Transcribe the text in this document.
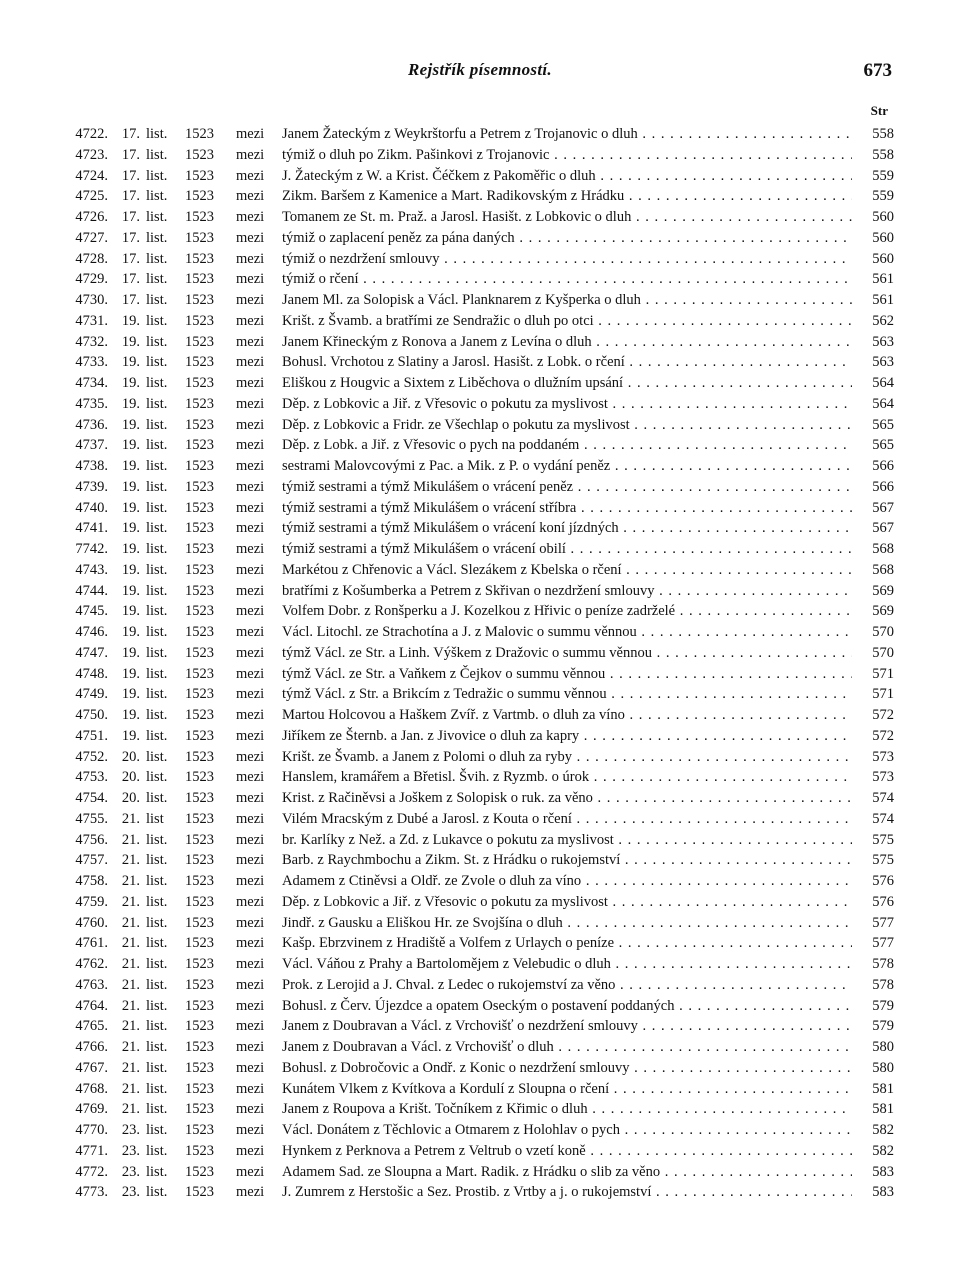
Rejstřík písemností.	673
Str
4722. 17. list. 1523 mezi Janem Žateckým z Weykrštorfu a Petrem z Trojanovic o dluh . . .	558
4723. 17. list. 1523 mezi týmiž o dluh po Zikm. Pašinkovi z Trojanovic . . .	558
4724. 17. list. 1523 mezi J. Žateckým z W. a Krist. Čéčkem z Pakoměřic o dluh . . .	559
4725. 17. list. 1523 mezi Zikm. Baršem z Kamenice a Mart. Radikovským z Hrádku . . .	559
4726. 17. list. 1523 mezi Tomanem ze St. m. Praž. a Jarosl. Hasišt. z Lobkovic o dluh . . .	560
4727. 17. list. 1523 mezi týmiž o zaplacení peněz za pána daných . . .	560
4728. 17. list. 1523 mezi týmiž o nezdržení smlouvy . . .	560
4729. 17. list. 1523 mezi týmiž o rčení . . .	561
4730. 17. list. 1523 mezi Janem Ml. za Solopisk a Václ. Planknarem z Kyšperka o dluh . . .	561
4731. 19. list. 1523 mezi Krišt. z Švamb. a bratřími ze Sendražic o dluh po otci . . .	562
4732. 19. list. 1523 mezi Janem Křineckým z Ronova a Janem z Levína o dluh . . .	563
4733. 19. list. 1523 mezi Bohusl. Vrchotou z Slatiny a Jarosl. Hasišt. z Lobk. o rčení . . .	563
4734. 19. list. 1523 mezi Eliškou z Hougvic a Sixtem z Liběchova o dlužním upsání . . .	564
4735. 19. list. 1523 mezi Děp. z Lobkovic a Jiř. z Vřesovic o pokutu za myslivost . . .	564
4736. 19. list. 1523 mezi Děp. z Lobkovic a Fridr. ze Všechlap o pokutu za myslivost . . .	565
4737. 19. list. 1523 mezi Děp. z Lobk. a Jiř. z Vřesovic o pych na poddaném . . .	565
4738. 19. list. 1523 mezi sestrami Malovcovými z Pac. a Mik. z P. o vydání peněz . . .	566
4739. 19. list. 1523 mezi týmiž sestrami a týmž Mikulášem o vrácení peněz . . .	566
4740. 19. list. 1523 mezi týmiž sestrami a týmž Mikulášem o vrácení stříbra . . .	567
4741. 19. list. 1523 mezi týmiž sestrami a týmž Mikulášem o vrácení koní jízdných . . .	567
7742. 19. list. 1523 mezi týmiž sestrami a týmž Mikulášem o vrácení obilí . . .	568
4743. 19. list. 1523 mezi Markétou z Chřenovic a Václ. Slezákem z Kbelska o rčení . . .	568
4744. 19. list. 1523 mezi bratřími z Košumberka a Petrem z Skřivan o nezdržení smlouvy . . .	569
4745. 19. list. 1523 mezi Volfem Dobr. z Ronšperku a J. Kozelkou z Hřivic o peníze zadrželé . . .	569
4746. 19. list. 1523 mezi Václ. Litochl. ze Strachotína a J. z Malovic o summu věnnou . . .	570
4747. 19. list. 1523 mezi týmž Václ. ze Str. a Linh. Výškem z Dražovic o summu věnnou . . .	570
4748. 19. list. 1523 mezi týmž Václ. ze Str. a Vaňkem z Čejkov o summu věnnou . . .	571
4749. 19. list. 1523 mezi týmž Václ. z Str. a Brikcím z Tedražic o summu věnnou . . .	571
4750. 19. list. 1523 mezi Martou Holcovou a Haškem Zvíř. z Vartmb. o dluh za víno . . .	572
4751. 19. list. 1523 mezi Jiříkem ze Šternb. a Jan. z Jivovice o dluh za kapry . . .	572
4752. 20. list. 1523 mezi Krišt. ze Švamb. a Janem z Polomi o dluh za ryby . . .	573
4753. 20. list. 1523 mezi Hanslem, kramářem a Břetisl. Švih. z Ryzmb. o úrok . . .	573
4754. 20. list. 1523 mezi Krist. z Račiněvsi a Joškem z Solopisk o ruk. za věno . . .	574
4755. 21. list 1523 mezi Vilém Mracským z Dubé a Jarosl. z Kouta o rčení . . .	574
4756. 21. list. 1523 mezi br. Karlíky z Než. a Zd. z Lukavce o pokutu za myslivost . . .	575
4757. 21. list. 1523 mezi Barb. z Raychmbochu a Zikm. St. z Hrádku o rukojemství . . .	575
4758. 21. list. 1523 mezi Adamem z Ctiněvsi a Oldř. ze Zvole o dluh za víno . . .	576
4759. 21. list. 1523 mezi Děp. z Lobkovic a Jiř. z Vřesovic o pokutu za myslivost . . .	576
4760. 21. list. 1523 mezi Jindř. z Gausku a Eliškou Hr. ze Svojšína o dluh . . .	577
4761. 21. list. 1523 mezi Kašp. Ebrzvinem z Hradiště a Volfem z Urlaych o peníze . . .	577
4762. 21. list. 1523 mezi Václ. Váňou z Prahy a Bartolomějem z Velebudic o dluh . . .	578
4763. 21. list. 1523 mezi Prok. z Lerojid a J. Chval. z Ledec o rukojemství za věno . . .	578
4764. 21. list. 1523 mezi Bohusl. z Červ. Újezdce a opatem Oseckým o postavení poddaných . . .	579
4765. 21. list. 1523 mezi Janem z Doubravan a Václ. z Vrchovišť o nezdržení smlouvy . . .	579
4766. 21. list. 1523 mezi Janem z Doubravan a Václ. z Vrchovišť o dluh . . .	580
4767. 21. list. 1523 mezi Bohusl. z Dobročovic a Ondř. z Konic o nezdržení smlouvy . . .	580
4768. 21. list. 1523 mezi Kunátem Vlkem z Kvítkova a Kordulí z Sloupna o rčení . . .	581
4769. 21. list. 1523 mezi Janem z Roupova a Krišt. Točníkem z Křimic o dluh . . .	581
4770. 23. list. 1523 mezi Václ. Donátem z Těchlovic a Otmarem z Holohlav o pych . . .	582
4771. 23. list. 1523 mezi Hynkem z Perknova a Petrem z Veltrub o vzetí koně . . .	582
4772. 23. list. 1523 mezi Adamem Sad. ze Sloupna a Mart. Radik. z Hrádku o slib za věno . . .	583
4773. 23. list. 1523 mezi J. Zumrem z Herstošic a Sez. Prostib. z Vrtby a j. o rukojemství . . .	583
